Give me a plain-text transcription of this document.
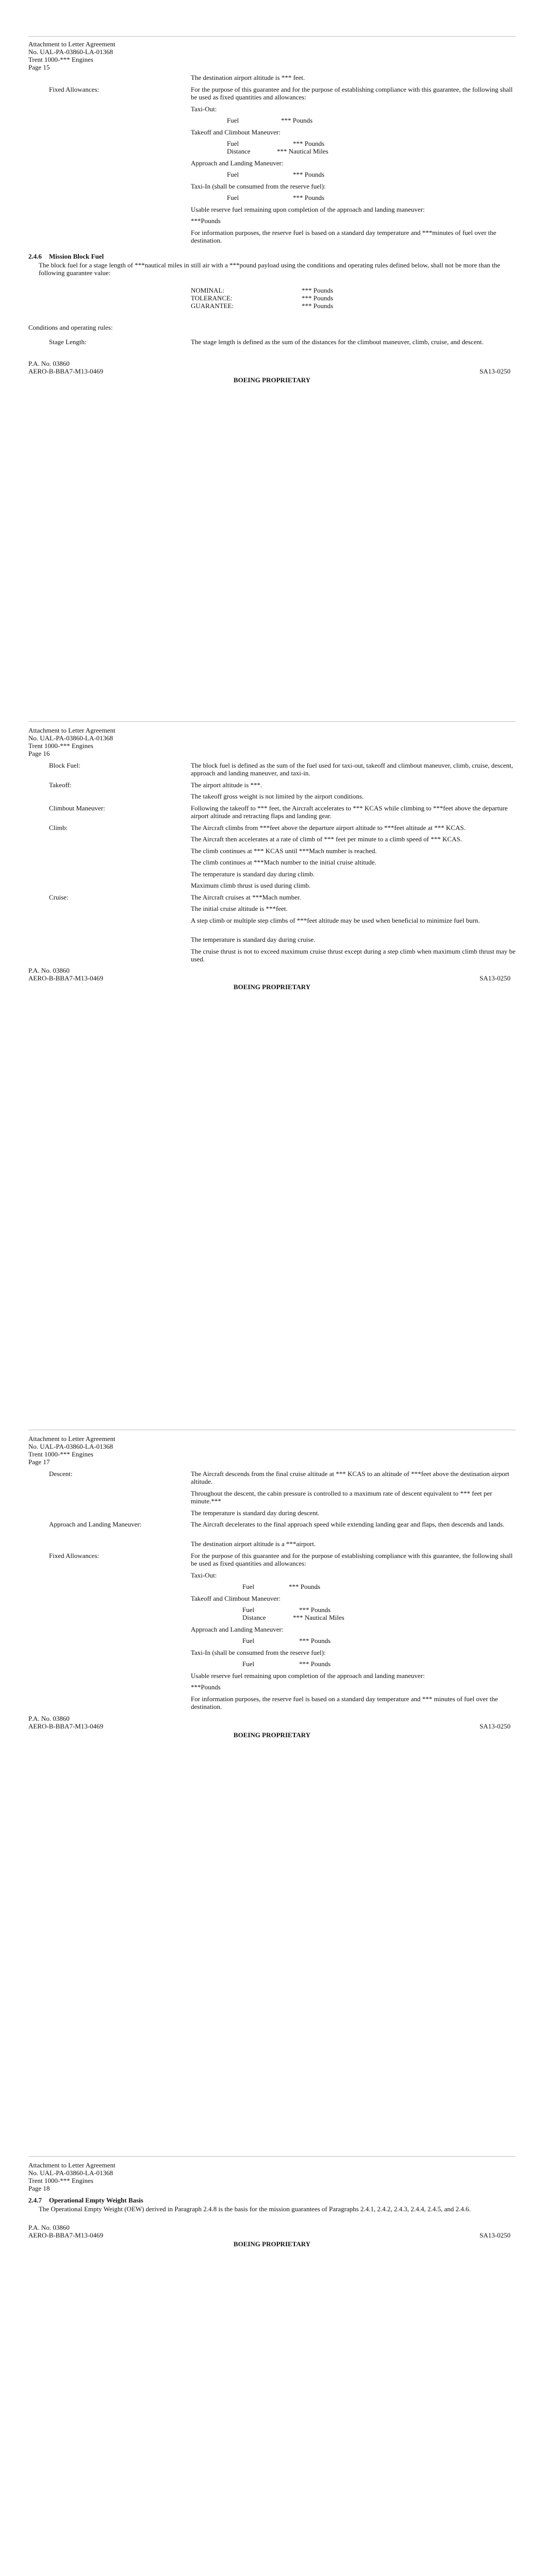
Attachment to Letter Agreement
No. UAL-PA-03860-LA-01368
Trent 1000-*** Engines
Page 15
The destination airport altitude is *** feet.
Fixed Allowances:	For the purpose of this guarantee and for the purpose of establishing compliance with this guarantee, the following shall be used as fixed quantities and allowances:
Taxi-Out:
Fuel	*** Pounds
Takeoff and Climbout Maneuver:
Fuel	*** Pounds
Distance	*** Nautical Miles
Approach and Landing Maneuver:
Fuel	*** Pounds
Taxi-In (shall be consumed from the reserve fuel):
Fuel	*** Pounds
Usable reserve fuel remaining upon completion of the approach and landing maneuver:
***Pounds
For information purposes, the reserve fuel is based on a standard day temperature and ***minutes of fuel over the destination.
2.4.6 Mission Block Fuel
The block fuel for a stage length of ***nautical miles in still air with a ***pound payload using the conditions and operating rules defined below, shall not be more than the following guarantee value:
NOMINAL:	*** Pounds
TOLERANCE:	*** Pounds
GUARANTEE:	*** Pounds
Conditions and operating rules:
Stage Length:	The stage length is defined as the sum of the distances for the climbout maneuver, climb, cruise, and descent.
P.A. No. 03860
AERO-B-BBA7-M13-0469	SA13-0250
BOEING PROPRIETARY
Attachment to Letter Agreement
No. UAL-PA-03860-LA-01368
Trent 1000-*** Engines
Page 16
Block Fuel:	The block fuel is defined as the sum of the fuel used for taxi-out, takeoff and climbout maneuver, climb, cruise, descent, approach and landing maneuver, and taxi-in.
Takeoff:	The airport altitude is ***.
The takeoff gross weight is not limited by the airport conditions.
Climbout Maneuver:	Following the takeoff to *** feet, the Aircraft accelerates to *** KCAS while climbing to ***feet above the departure airport altitude and retracting flaps and landing gear.
Climb:	The Aircraft climbs from ***feet above the departure airport altitude to ***feet altitude at *** KCAS.
The Aircraft then accelerates at a rate of climb of *** feet per minute to a climb speed of *** KCAS.
The climb continues at *** KCAS until ***Mach number is reached.
The climb continues at ***Mach number to the initial cruise altitude.
The temperature is standard day during climb.
Maximum climb thrust is used during climb.
Cruise:	The Aircraft cruises at ***Mach number.
The initial cruise altitude is ***feet.
A step climb or multiple step climbs of ***feet altitude may be used when beneficial to minimize fuel burn.
The temperature is standard day during cruise.
The cruise thrust is not to exceed maximum cruise thrust except during a step climb when maximum climb thrust may be used.
P.A. No. 03860
AERO-B-BBA7-M13-0469	SA13-0250
BOEING PROPRIETARY
Attachment to Letter Agreement
No. UAL-PA-03860-LA-01368
Trent 1000-*** Engines
Page 17
Descent:	The Aircraft descends from the final cruise altitude at *** KCAS to an altitude of ***feet above the destination airport altitude.
Throughout the descent, the cabin pressure is controlled to a maximum rate of descent equivalent to *** feet per minute.***
The temperature is standard day during descent.
Approach and Landing Maneuver:	The Aircraft decelerates to the final approach speed while extending landing gear and flaps, then descends and lands.
The destination airport altitude is a ***airport.
Fixed Allowances:	For the purpose of this guarantee and for the purpose of establishing compliance with this guarantee, the following shall be used as fixed quantities and allowances:
Taxi-Out:
Fuel	*** Pounds
Takeoff and Climbout Maneuver:
Fuel	*** Pounds
Distance	*** Nautical Miles
Approach and Landing Maneuver:
Fuel	*** Pounds
Taxi-In (shall be consumed from the reserve fuel):
Fuel	*** Pounds
Usable reserve fuel remaining upon completion of the approach and landing maneuver:
***Pounds
For information purposes, the reserve fuel is based on a standard day temperature and *** minutes of fuel over the destination.
P.A. No. 03860
AERO-B-BBA7-M13-0469	SA13-0250
BOEING PROPRIETARY
Attachment to Letter Agreement
No. UAL-PA-03860-LA-01368
Trent 1000-*** Engines
Page 18
2.4.7 Operational Empty Weight Basis
The Operational Empty Weight (OEW) derived in Paragraph 2.4.8 is the basis for the mission guarantees of Paragraphs 2.4.1, 2.4.2, 2.4.3, 2.4.4, 2.4.5, and 2.4.6.
P.A. No. 03860
AERO-B-BBA7-M13-0469	SA13-0250
BOEING PROPRIETARY
